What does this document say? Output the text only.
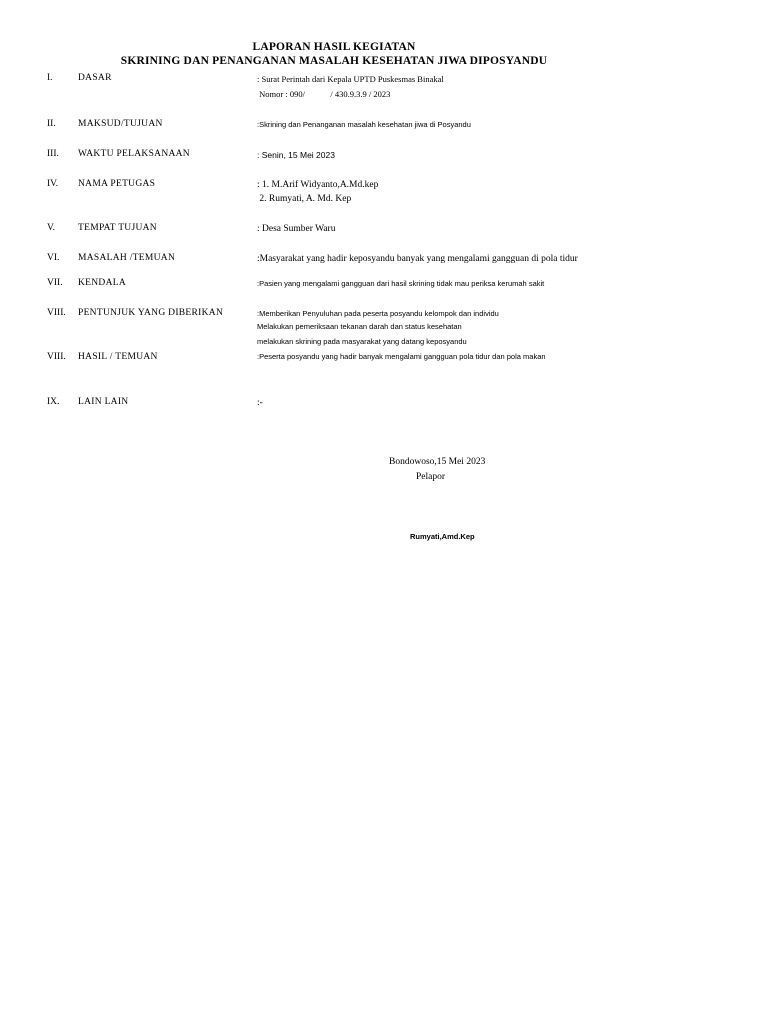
LAPORAN HASIL KEGIATAN
SKRINING DAN PENANGANAN MASALAH KESEHATAN JIWA DIPOSYANDU
I.	DASAR	: Surat Perintah dari Kepala UPTD Puskesmas Binakal
Nomor : 090/            / 430.9.3.9 / 2023
II. MAKSUD/TUJUAN	:Skrining dan Penanganan masalah kesehatan jiwa di Posyandu
III. WAKTU PELAKSANAAN	: Senin, 15 Mei 2023
IV. NAMA PETUGAS	: 1. M.Arif Widyanto,A.Md.kep
2. Rumyati, A. Md. Kep
V. TEMPAT TUJUAN	: Desa Sumber Waru
VI. MASALAH /TEMUAN	:Masyarakat yang hadir keposyandu banyak yang mengalami gangguan di pola tidur
VII. KENDALA	:Pasien yang mengalami gangguan dari hasil skrining tidak mau periksa kerumah sakit
VIII. PENTUNJUK YANG DIBERIKAN	:Memberikan Penyuluhan pada peserta posyandu kelompok dan individu
Melakukan pemeriksaan tekanan darah dan status kesehatan
melakukan skrining pada masyarakat yang datang keposyandu
VIII. HASIL / TEMUAN	:Peserta posyandu yang hadir banyak mengalami gangguan pola tidur dan pola makan
IX. LAIN LAIN	:-
Bondowoso,15 Mei 2023
Pelapor
Rumyati,Amd.Kep
